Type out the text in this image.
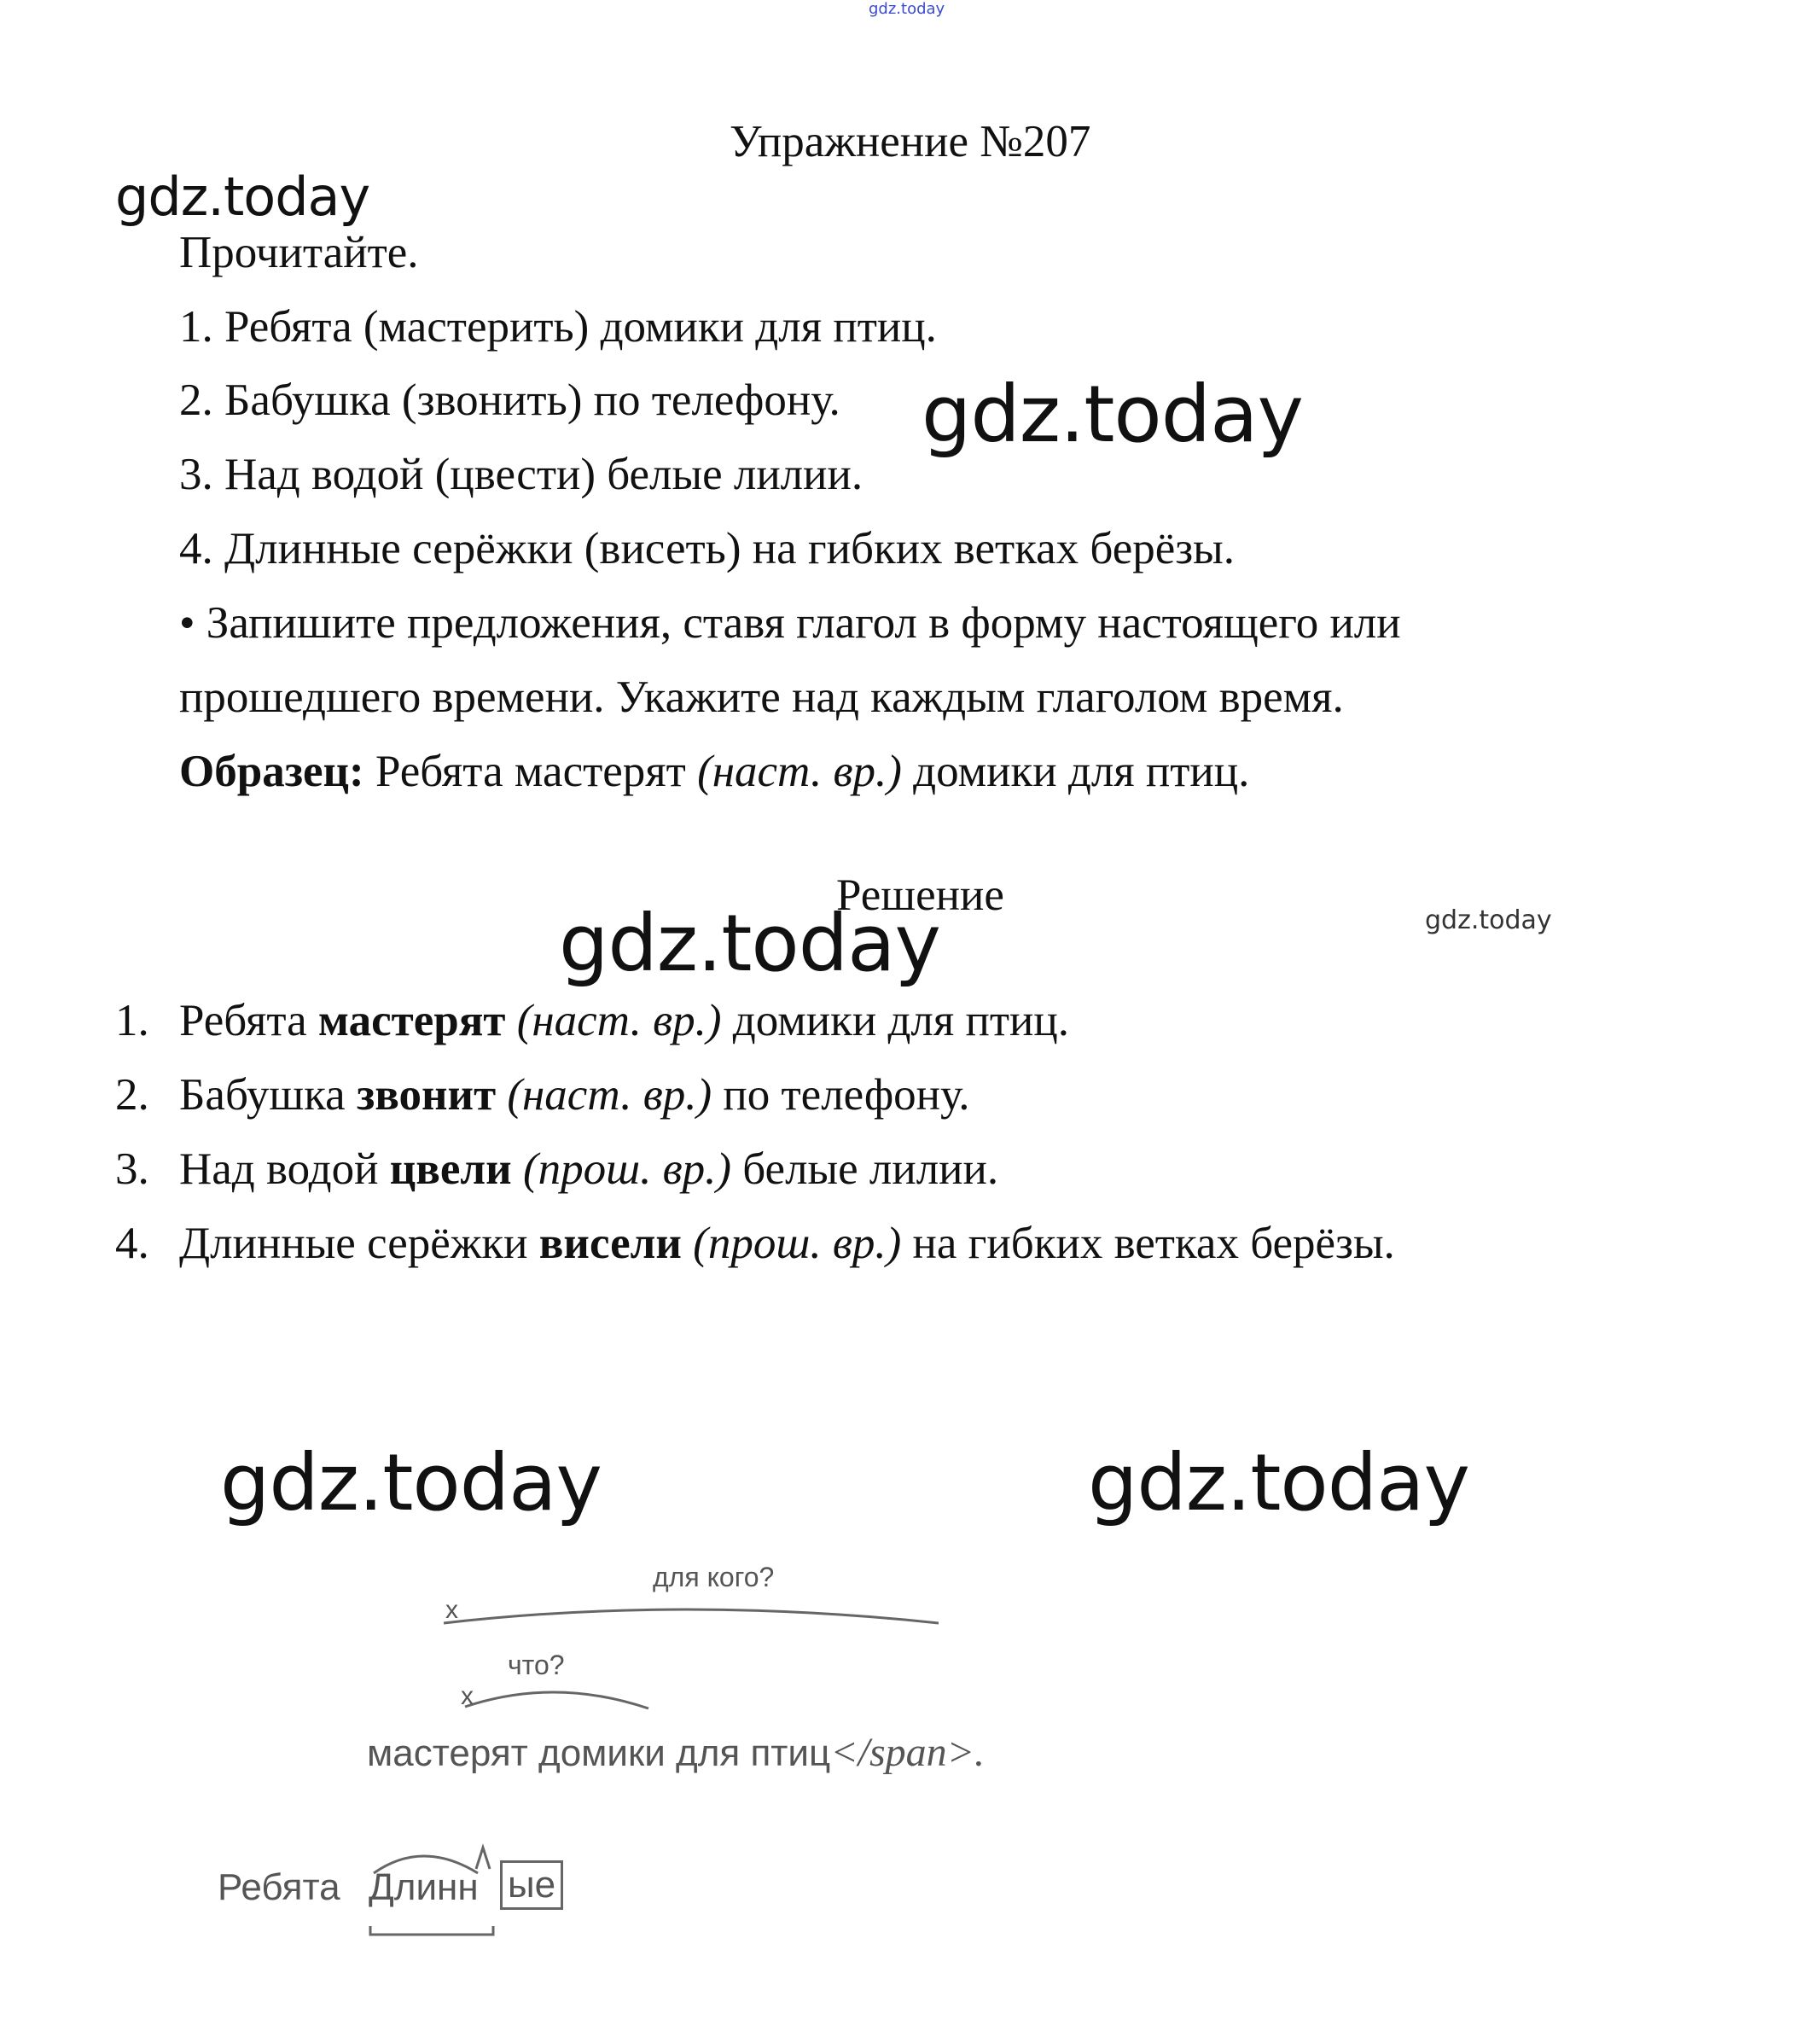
gdz.today
gdz.today
gdz.today
gdz.today	gdz.today
gdz.today	gdz.today
Упражнение №207
Прочитайте.
1. Ребята (мастерить) домики для птиц.
2. Бабушка (звонить) по телефону.
3. Над водой (цвести) белые лилии.
4. Длинные серёжки (висеть) на гибких ветках берёзы.
• Запишите предложения, ставя глагол в форму настоящего или
прошедшего времени. Укажите над каждым глаголом время.
Образец: Ребята мастерят (наст. вр.) домики для птиц.
Решение
1. Ребята мастерят (наст. вр.) домики для птиц.
2. Бабушка звонит (наст. вр.) по телефону.
3. Над водой цвели (прош. вр.) белые лилии.
4. Длинные серёжки висели (прош. вр.) на гибких ветках берёзы.
x
для кого?
что?
x
мастерят домики для птиц</span>.
Ребята Длинн ые
